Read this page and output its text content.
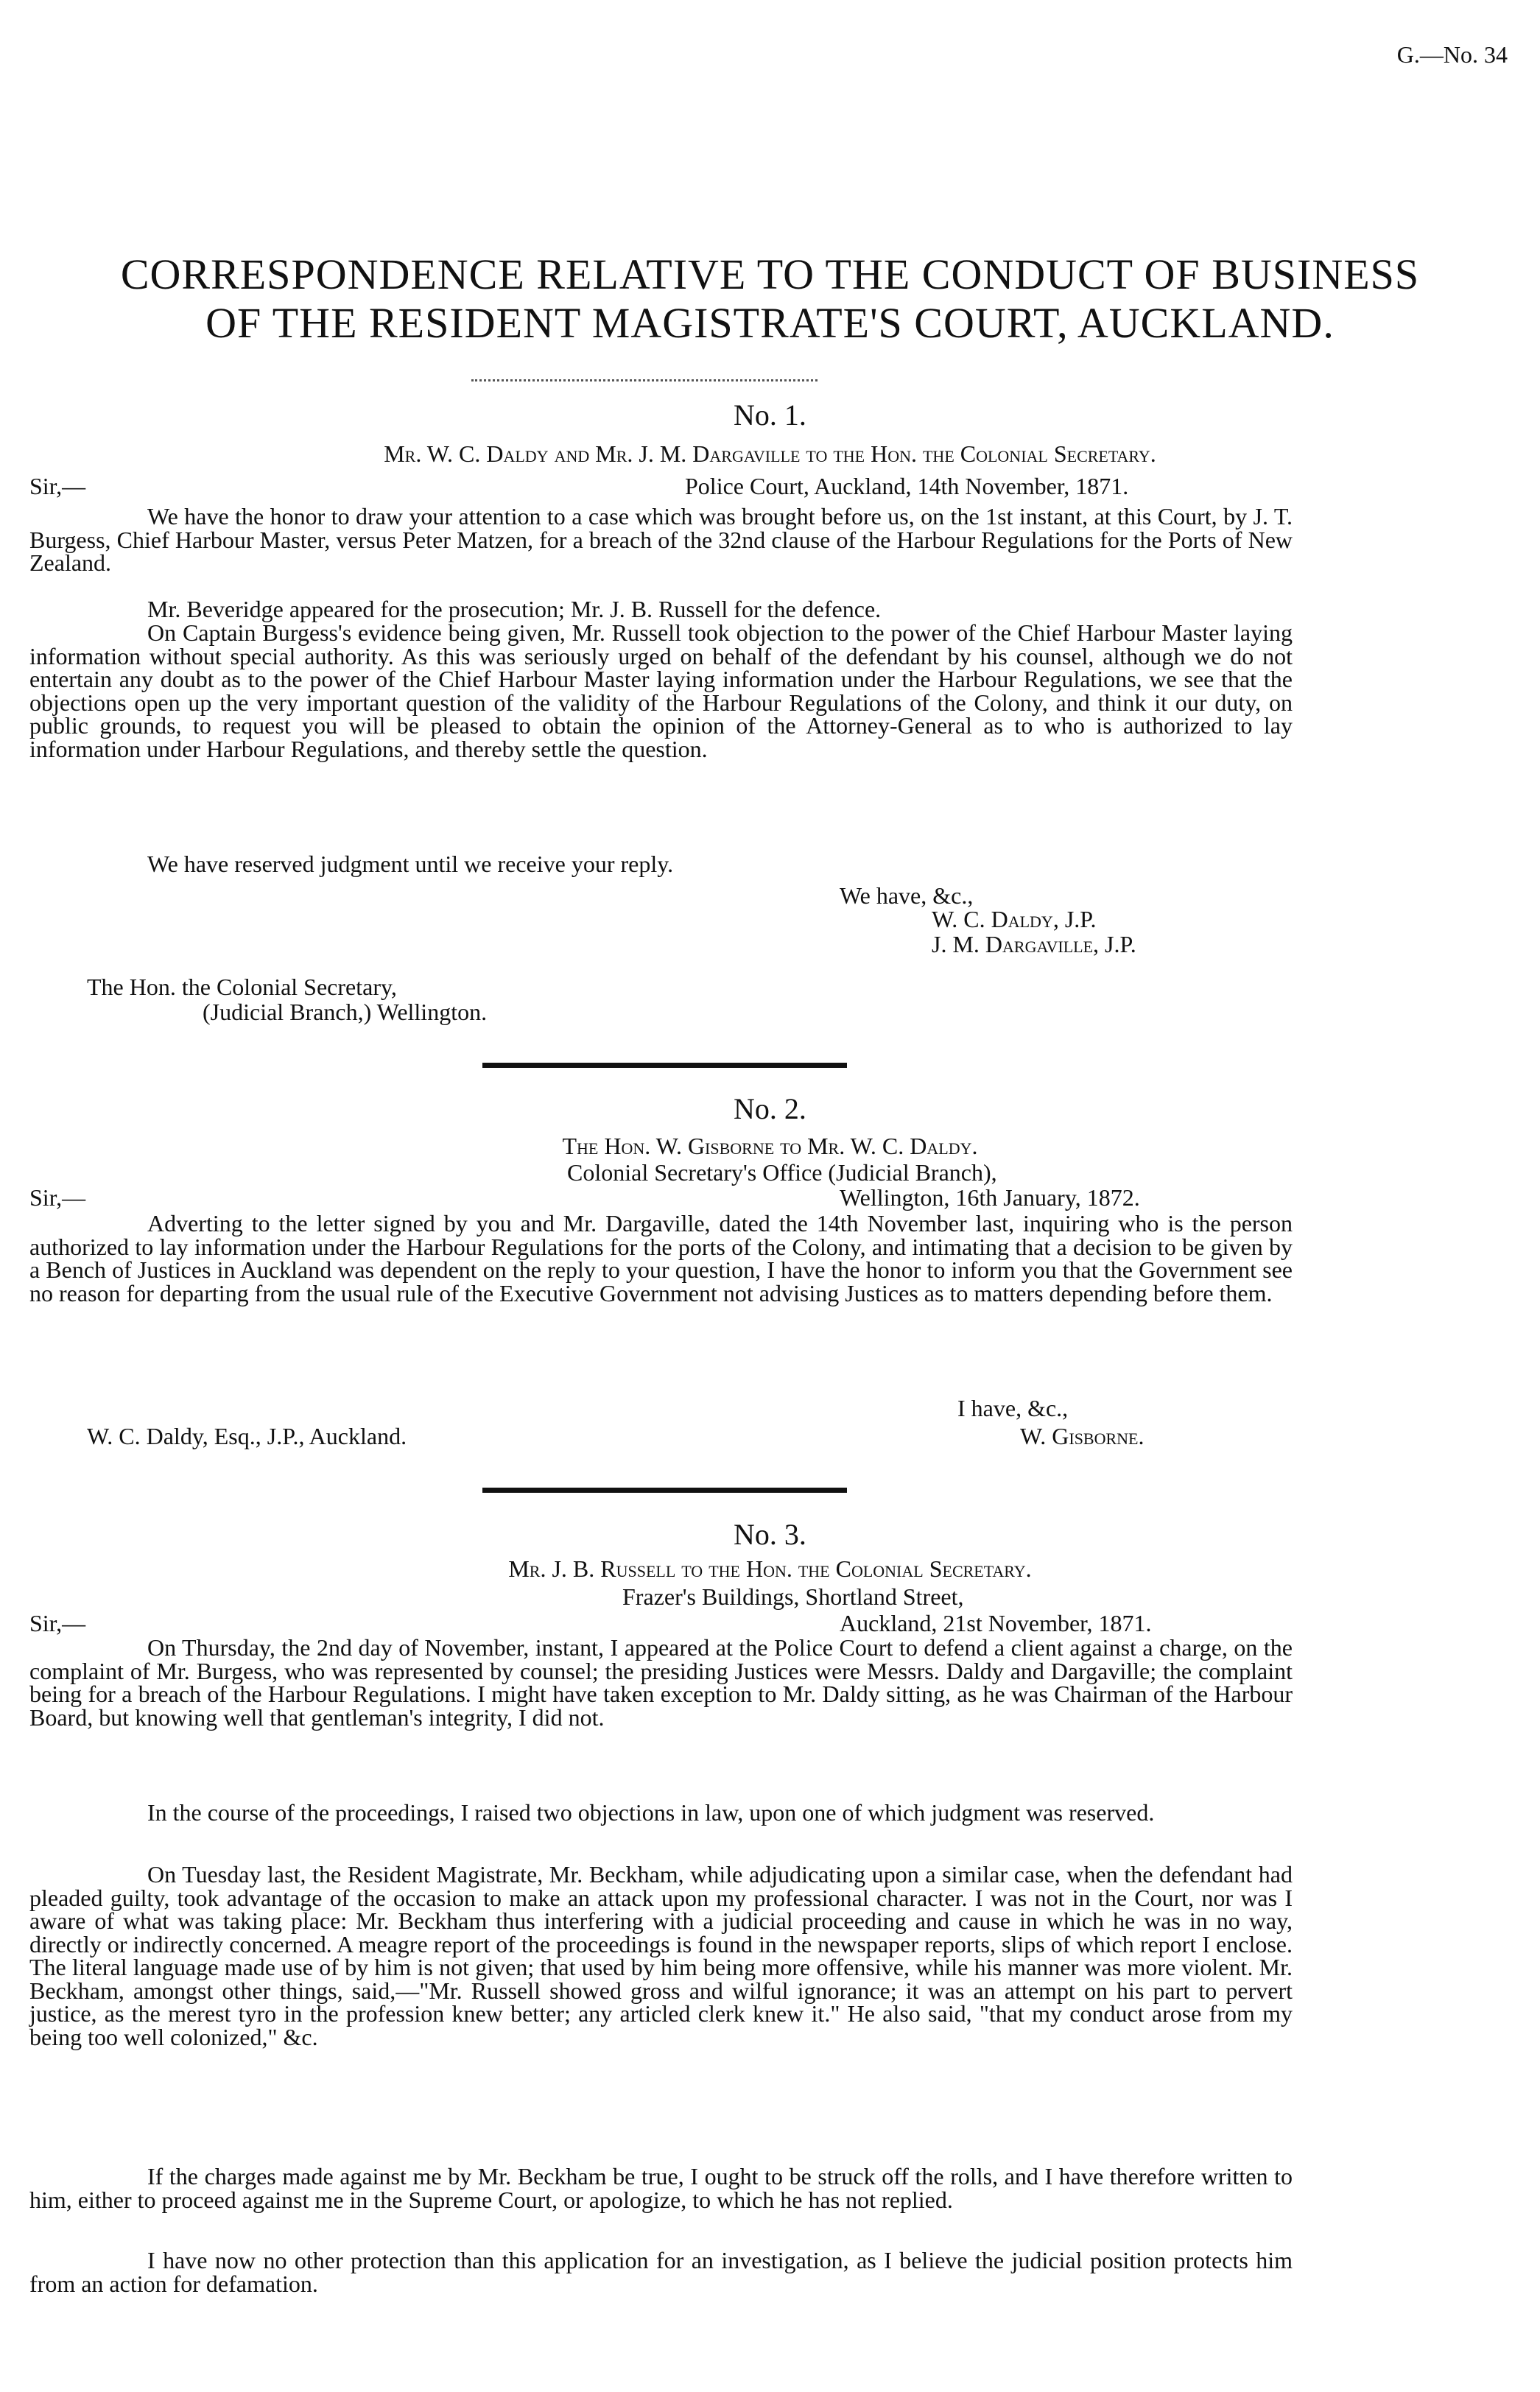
G.—No. 34
CORRESPONDENCE RELATIVE TO THE CONDUCT OF BUSINESS
OF THE RESIDENT MAGISTRATE'S COURT, AUCKLAND.
No. 1.
Mr. W. C. Daldy and Mr. J. M. Dargaville to the Hon. the Colonial Secretary.
Sir,—	Police Court, Auckland, 14th November, 1871.

We have the honor to draw your attention to a case which was brought before us, on the 1st instant, at this Court, by J. T. Burgess, Chief Harbour Master, versus Peter Matzen, for a breach of the 32nd clause of the Harbour Regulations for the Ports of New Zealand.

Mr. Beveridge appeared for the prosecution; Mr. J. B. Russell for the defence.

On Captain Burgess's evidence being given, Mr. Russell took objection to the power of the Chief Harbour Master laying information without special authority. As this was seriously urged on behalf of the defendant by his counsel, although we do not entertain any doubt as to the power of the Chief Harbour Master laying information under the Harbour Regulations, we see that the objections open up the very important question of the validity of the Harbour Regulations of the Colony, and think it our duty, on public grounds, to request you will be pleased to obtain the opinion of the Attorney-General as to who is authorized to lay information under Harbour Regulations, and thereby settle the question.

We have reserved judgment until we receive your reply.

We have, &c.,
W. C. Daldy, J.P.
J. M. Dargaville, J.P.
The Hon. the Colonial Secretary,
(Judicial Branch,) Wellington.
No. 2.
The Hon. W. Gisborne to Mr. W. C. Daldy.
Colonial Secretary's Office (Judicial Branch),
Sir,—	Wellington, 16th January, 1872.

Adverting to the letter signed by you and Mr. Dargaville, dated the 14th November last, inquiring who is the person authorized to lay information under the Harbour Regulations for the ports of the Colony, and intimating that a decision to be given by a Bench of Justices in Auckland was dependent on the reply to your question, I have the honor to inform you that the Government see no reason for departing from the usual rule of the Executive Government not advising Justices as to matters depending before them.

I have, &c.,
W. C. Daldy, Esq., J.P., Auckland.	W. Gisborne.
No. 3.
Mr. J. B. Russell to the Hon. the Colonial Secretary.
Frazer's Buildings, Shortland Street,
Sir,—	Auckland, 21st November, 1871.

On Thursday, the 2nd day of November, instant, I appeared at the Police Court to defend a client against a charge, on the complaint of Mr. Burgess, who was represented by counsel; the presiding Justices were Messrs. Daldy and Dargaville; the complaint being for a breach of the Harbour Regulations. I might have taken exception to Mr. Daldy sitting, as he was Chairman of the Harbour Board, but knowing well that gentleman's integrity, I did not.

In the course of the proceedings, I raised two objections in law, upon one of which judgment was reserved.

On Tuesday last, the Resident Magistrate, Mr. Beckham, while adjudicating upon a similar case, when the defendant had pleaded guilty, took advantage of the occasion to make an attack upon my professional character. I was not in the Court, nor was I aware of what was taking place: Mr. Beckham thus interfering with a judicial proceeding and cause in which he was in no way, directly or indirectly concerned. A meagre report of the proceedings is found in the newspaper reports, slips of which report I enclose. The literal language made use of by him is not given; that used by him being more offensive, while his manner was more violent. Mr. Beckham, amongst other things, said,—"Mr. Russell showed gross and wilful ignorance; it was an attempt on his part to pervert justice, as the merest tyro in the profession knew better; any articled clerk knew it." He also said, "that my conduct arose from my being too well colonized," &c.

If the charges made against me by Mr. Beckham be true, I ought to be struck off the rolls, and I have therefore written to him, either to proceed against me in the Supreme Court, or apologize, to which he has not replied.

I have now no other protection than this application for an investigation, as I believe the judicial position protects him from an action for defamation.
